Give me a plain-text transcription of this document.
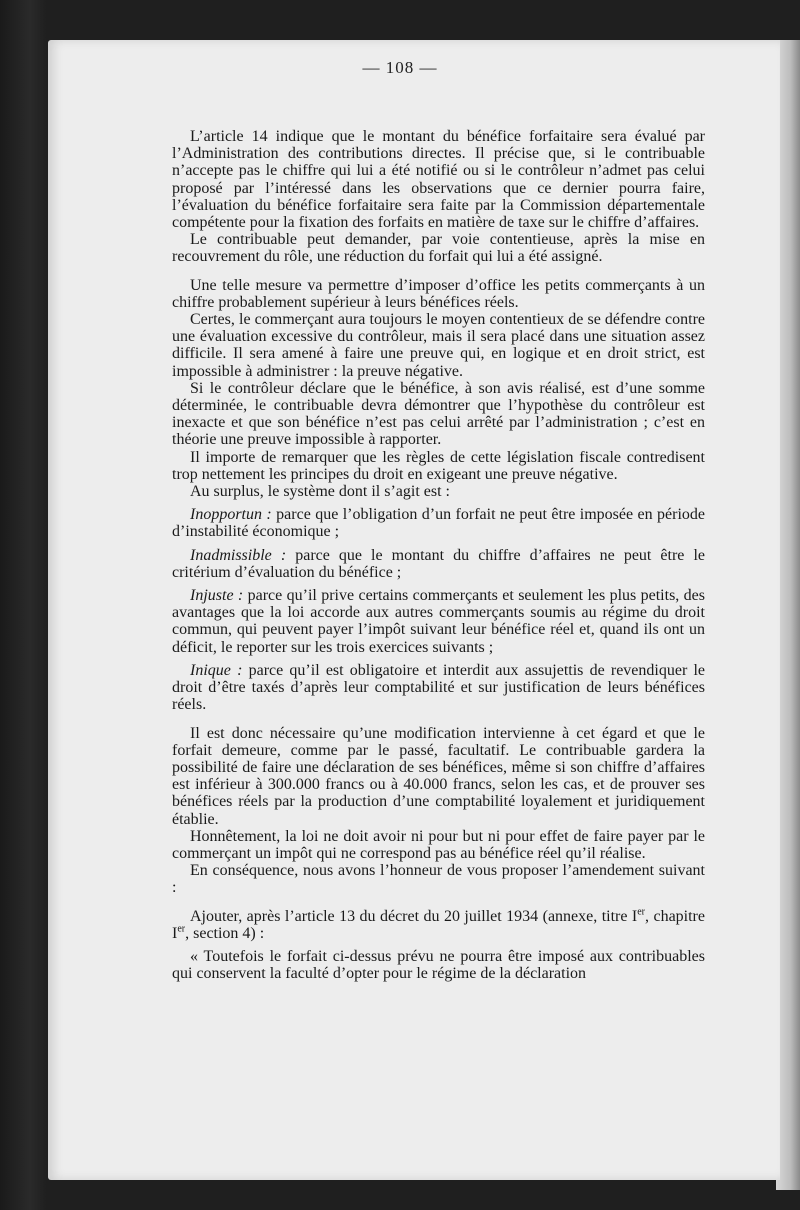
— 108 —

L’article 14 indique que le montant du bénéfice forfaitaire sera évalué par l’Administration des contributions directes. Il précise que, si le contribuable n’accepte pas le chiffre qui lui a été notifié ou si le contrôleur n’admet pas celui proposé par l’intéressé dans les observations que ce dernier pourra faire, l’évaluation du bénéfice forfaitaire sera faite par la Commission départementale compétente pour la fixation des forfaits en matière de taxe sur le chiffre d’affaires.

Le contribuable peut demander, par voie contentieuse, après la mise en recouvrement du rôle, une réduction du forfait qui lui a été assigné.

Une telle mesure va permettre d’imposer d’office les petits commerçants à un chiffre probablement supérieur à leurs bénéfices réels.

Certes, le commerçant aura toujours le moyen contentieux de se défendre contre une évaluation excessive du contrôleur, mais il sera placé dans une situation assez difficile. Il sera amené à faire une preuve qui, en logique et en droit strict, est impossible à administrer : la preuve négative.

Si le contrôleur déclare que le bénéfice, à son avis réalisé, est d’une somme déterminée, le contribuable devra démontrer que l’hypothèse du contrôleur est inexacte et que son bénéfice n’est pas celui arrêté par l’administration ; c’est en théorie une preuve impossible à rapporter.

Il importe de remarquer que les règles de cette législation fiscale contredisent trop nettement les principes du droit en exigeant une preuve négative.

Au surplus, le système dont il s’agit est :

Inopportun : parce que l’obligation d’un forfait ne peut être imposée en période d’instabilité économique ;

Inadmissible : parce que le montant du chiffre d’affaires ne peut être le critérium d’évaluation du bénéfice ;

Injuste : parce qu’il prive certains commerçants et seulement les plus petits, des avantages que la loi accorde aux autres commerçants soumis au régime du droit commun, qui peuvent payer l’impôt suivant leur bénéfice réel et, quand ils ont un déficit, le reporter sur les trois exercices suivants ;

Inique : parce qu’il est obligatoire et interdit aux assujettis de revendiquer le droit d’être taxés d’après leur comptabilité et sur justification de leurs bénéfices réels.

Il est donc nécessaire qu’une modification intervienne à cet égard et que le forfait demeure, comme par le passé, facultatif. Le contribuable gardera la possibilité de faire une déclaration de ses bénéfices, même si son chiffre d’affaires est inférieur à 300.000 francs ou à 40.000 francs, selon les cas, et de prouver ses bénéfices réels par la production d’une comptabilité loyalement et juridiquement établie.

Honnêtement, la loi ne doit avoir ni pour but ni pour effet de faire payer par le commerçant un impôt qui ne correspond pas au bénéfice réel qu’il réalise.

En conséquence, nous avons l’honneur de vous proposer l’amendement suivant :

Ajouter, après l’article 13 du décret du 20 juillet 1934 (annexe, titre Ier, chapitre Ier, section 4) :

« Toutefois le forfait ci-dessus prévu ne pourra être imposé aux contribuables qui conservent la faculté d’opter pour le régime de la déclaration
